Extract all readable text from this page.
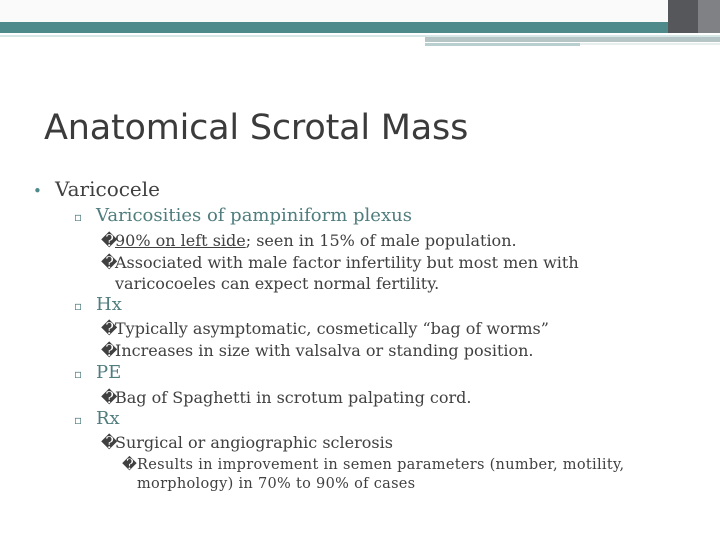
Anatomical Scrotal Mass
• Varicocele
▫ Varicosities of pampiniform plexus
�90% on left side; seen in 15% of male population.
�Associated with male factor infertility but most men with
varicocoeles can expect normal fertility.
▫ Hx
�Typically asymptomatic, cosmetically “bag of worms”
�Increases in size with valsalva or standing position.
▫ PE
�Bag of Spaghetti in scrotum palpating cord.
▫ Rx
�Surgical or angiographic sclerosis
�Results in improvement in semen parameters (number, motility,
morphology) in 70% to 90% of cases
